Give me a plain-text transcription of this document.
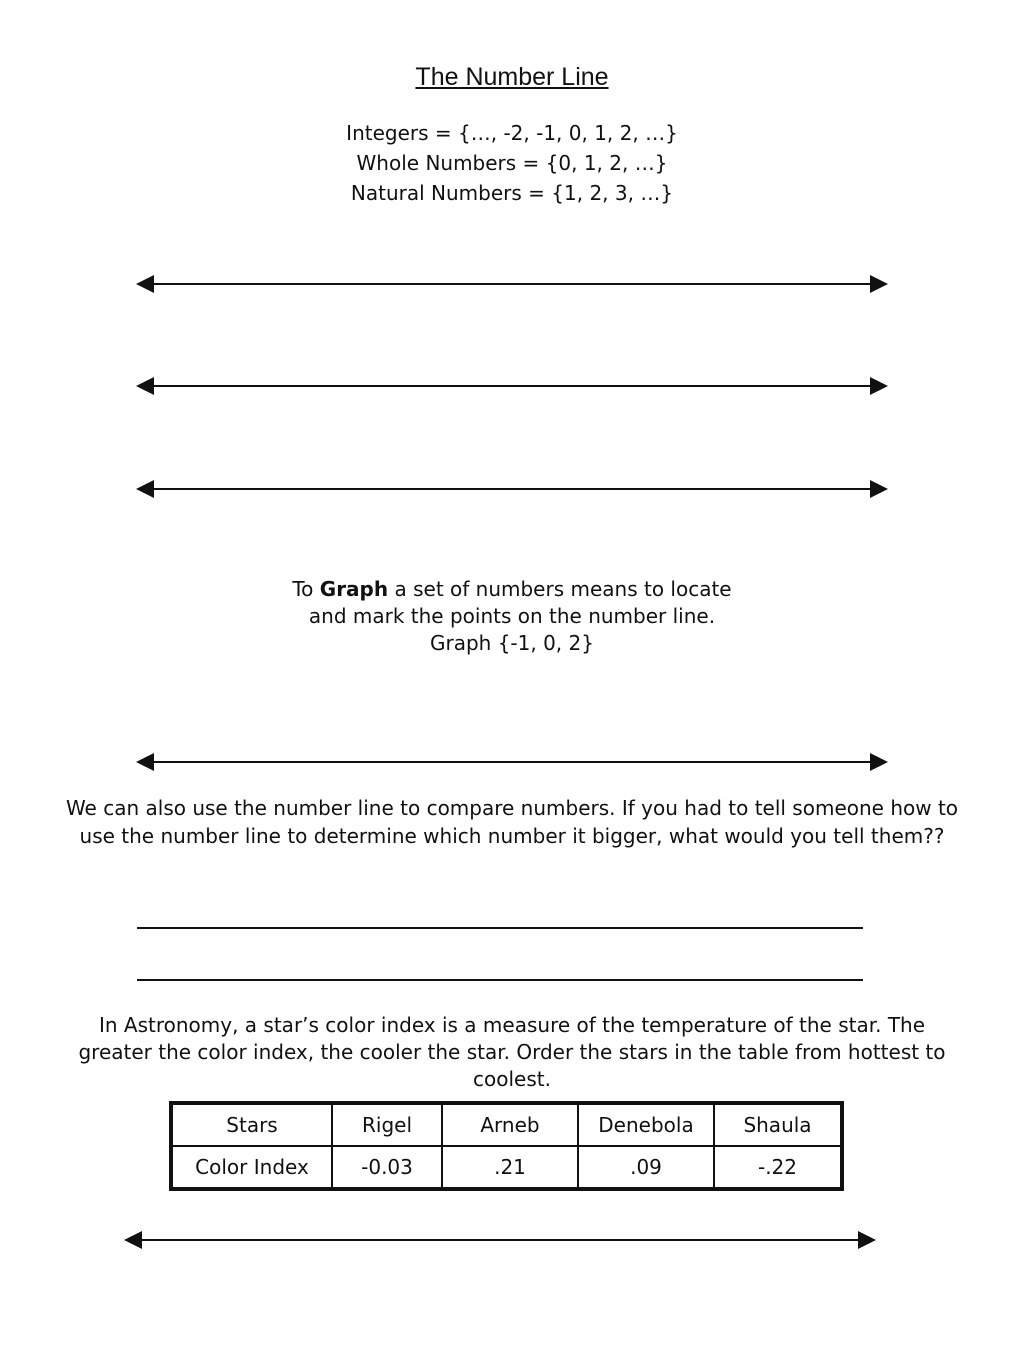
The Number Line
Integers = {…, -2, -1, 0, 1, 2, …}
Whole Numbers = {0, 1, 2, …}
Natural Numbers = {1, 2, 3, …}
To Graph a set of numbers means to locate
and mark the points on the number line.
Graph {-1, 0, 2}
We can also use the number line to compare numbers. If you had to tell someone how to use the number line to determine which number it bigger, what would you tell them??
In Astronomy, a star’s color index is a measure of the temperature of the star. The greater the color index, the cooler the star. Order the stars in the table from hottest to coolest.
Stars	Rigel	Arneb	Denebola	Shaula
Color Index	-0.03	.21	.09	-.22
